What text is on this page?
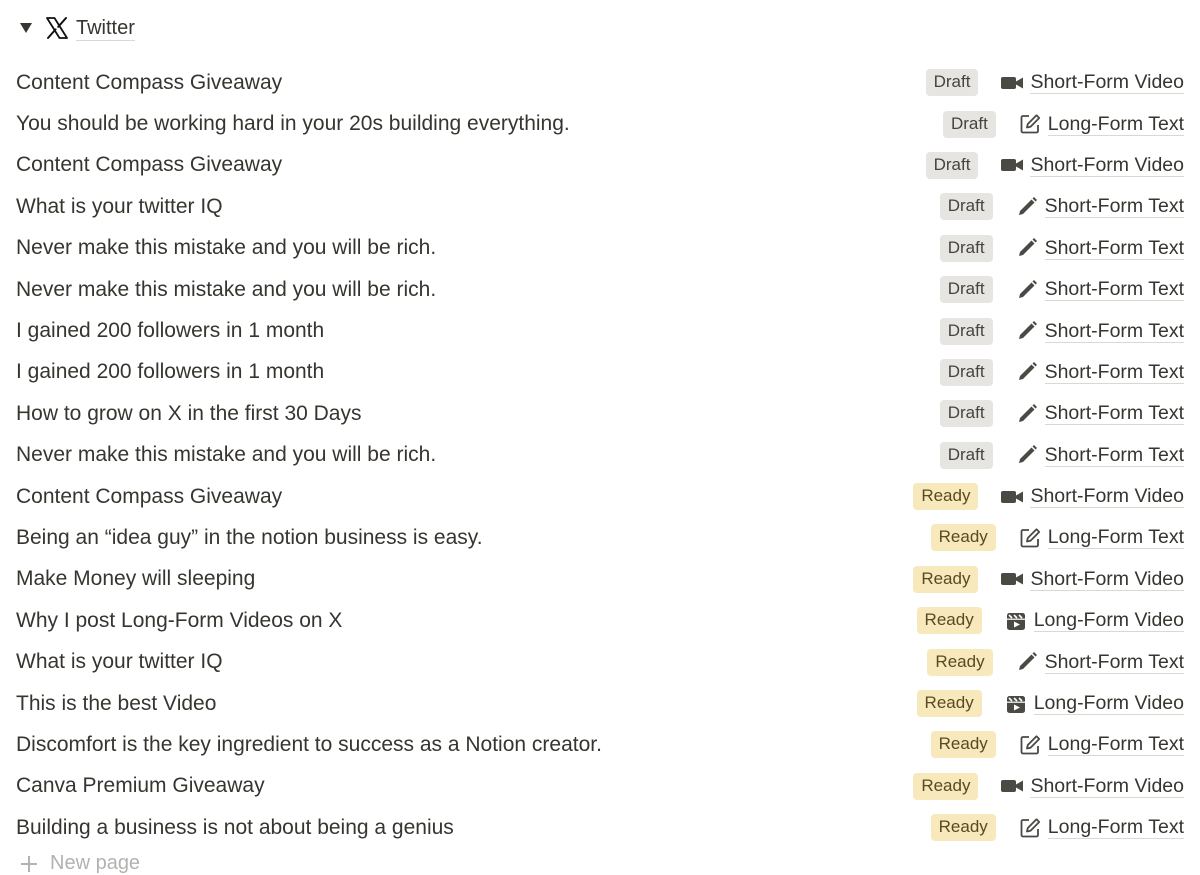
Twitter
Content Compass Giveaway	Draft	Short-Form Video
You should be working hard in your 20s building everything.	Draft	Long-Form Text
Content Compass Giveaway	Draft	Short-Form Video
What is your twitter IQ	Draft	Short-Form Text
Never make this mistake and you will be rich.	Draft	Short-Form Text
Never make this mistake and you will be rich.	Draft	Short-Form Text
I gained 200 followers in 1 month	Draft	Short-Form Text
I gained 200 followers in 1 month	Draft	Short-Form Text
How to grow on X in the first 30 Days	Draft	Short-Form Text
Never make this mistake and you will be rich.	Draft	Short-Form Text
Content Compass Giveaway	Ready	Short-Form Video
Being an “idea guy” in the notion business is easy.	Ready	Long-Form Text
Make Money will sleeping	Ready	Short-Form Video
Why I post Long-Form Videos on X	Ready	Long-Form Video
What is your twitter IQ	Ready	Short-Form Text
This is the best Video	Ready	Long-Form Video
Discomfort is the key ingredient to success as a Notion creator.	Ready	Long-Form Text
Canva Premium Giveaway	Ready	Short-Form Video
Building a business is not about being a genius	Ready	Long-Form Text
New page
